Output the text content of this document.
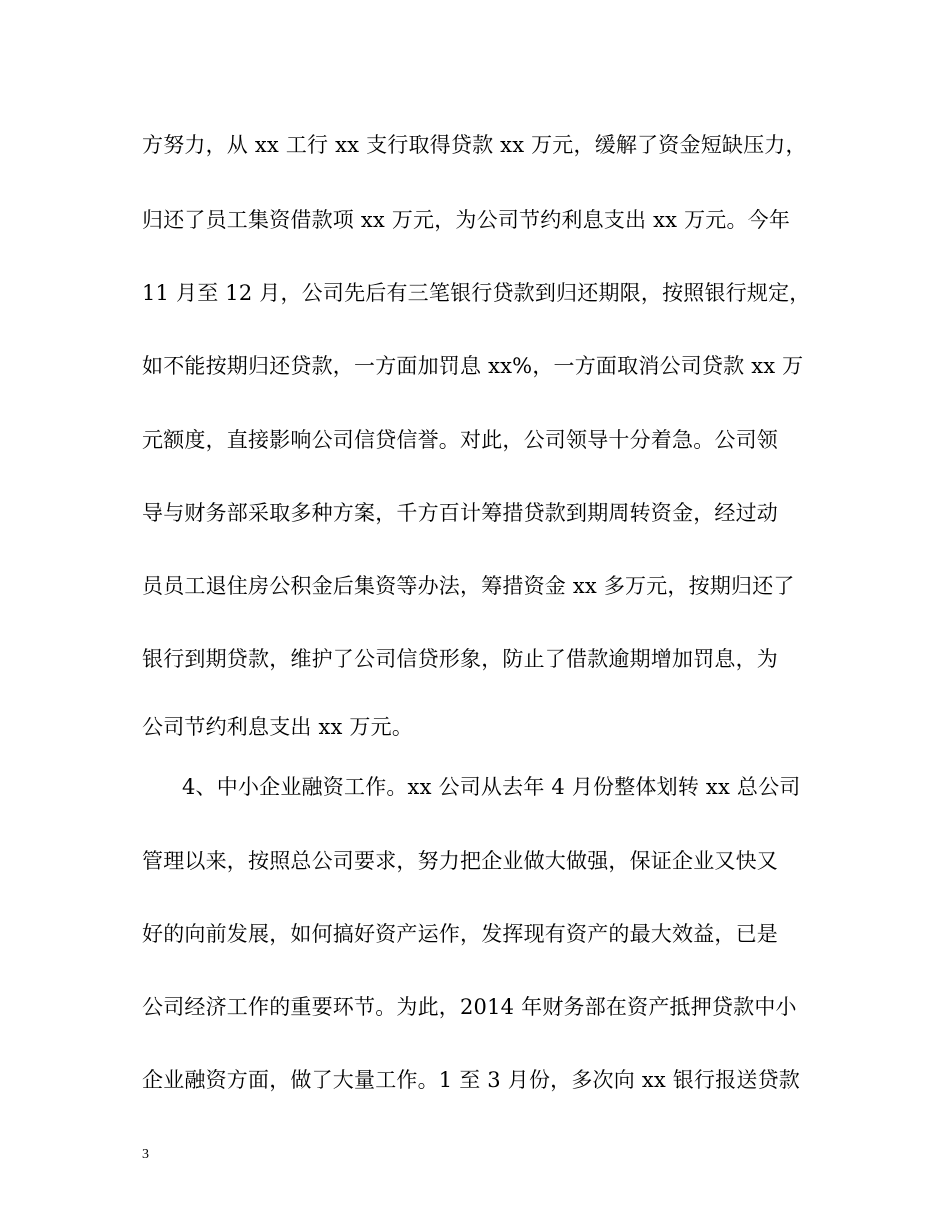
方努力，从 xx 工行 xx 支行取得贷款 xx 万元，缓解了资金短缺压力，
归还了员工集资借款项 xx 万元，为公司节约利息支出 xx 万元。今年
11 月至 12 月，公司先后有三笔银行贷款到归还期限，按照银行规定，
如不能按期归还贷款，一方面加罚息 xx%，一方面取消公司贷款 xx 万
元额度，直接影响公司信贷信誉。对此，公司领导十分着急。公司领
导与财务部采取多种方案，千方百计筹措贷款到期周转资金，经过动
员员工退住房公积金后集资等办法，筹措资金 xx 多万元，按期归还了
银行到期贷款，维护了公司信贷形象，防止了借款逾期增加罚息，为
公司节约利息支出 xx 万元。
4、中小企业融资工作。xx 公司从去年 4 月份整体划转 xx 总公司
管理以来，按照总公司要求，努力把企业做大做强，保证企业又快又
好的向前发展，如何搞好资产运作，发挥现有资产的最大效益，已是
公司经济工作的重要环节。为此，2014 年财务部在资产抵押贷款中小
企业融资方面，做了大量工作。1 至 3 月份，多次向 xx 银行报送贷款
3
